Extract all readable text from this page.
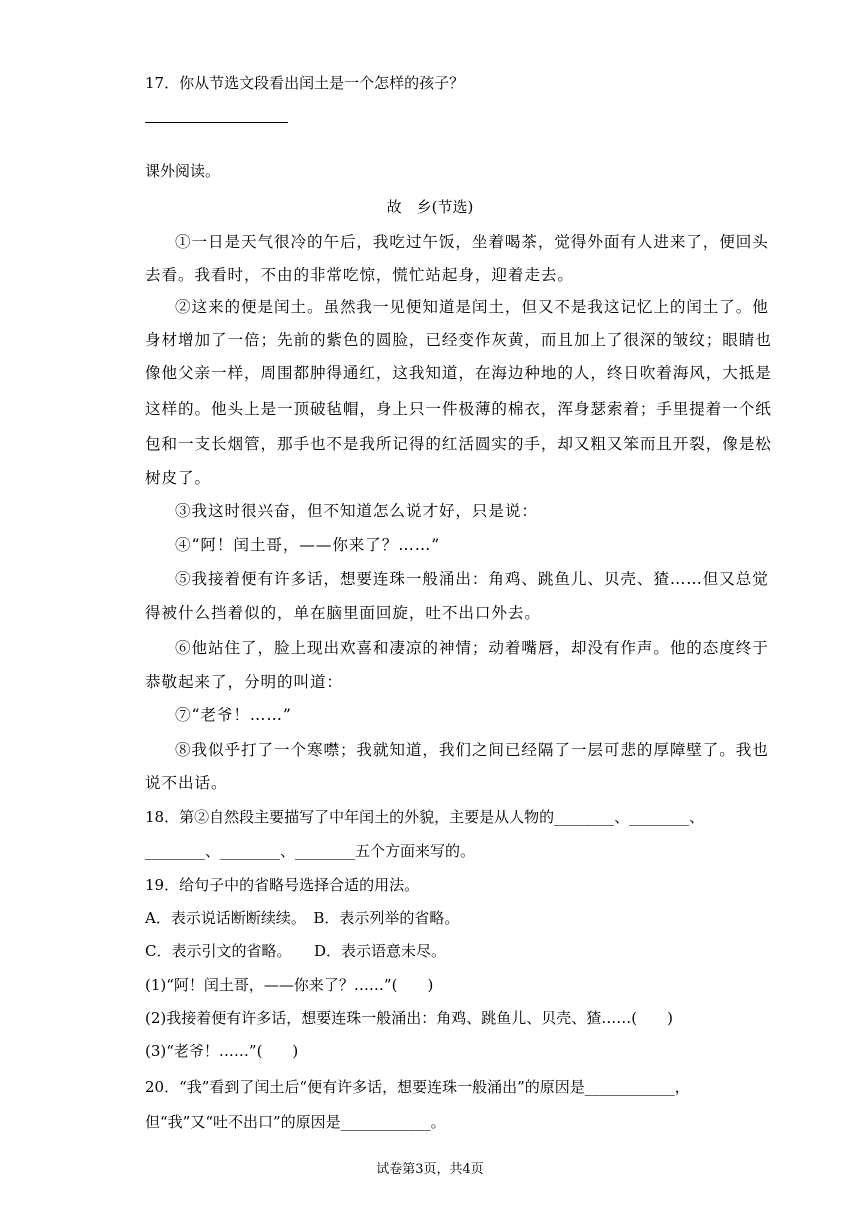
17．你从节选文段看出闰土是一个怎样的孩子？
课外阅读。
故　乡(节选)
①一日是天气很冷的午后，我吃过午饭，坐着喝茶，觉得外面有人进来了，便回头
去看。我看时，不由的非常吃惊，慌忙站起身，迎着走去。
②这来的便是闰土。虽然我一见便知道是闰土，但又不是我这记忆上的闰土了。他
身材增加了一倍；先前的紫色的圆脸，已经变作灰黄，而且加上了很深的皱纹；眼睛也
像他父亲一样，周围都肿得通红，这我知道，在海边种地的人，终日吹着海风，大抵是
这样的。他头上是一顶破毡帽，身上只一件极薄的棉衣，浑身瑟索着；手里提着一个纸
包和一支长烟管，那手也不是我所记得的红活圆实的手，却又粗又笨而且开裂，像是松
树皮了。
③我这时很兴奋，但不知道怎么说才好，只是说：
④“阿！闰土哥，——你来了？……”
⑤我接着便有许多话，想要连珠一般涌出：角鸡、跳鱼儿、贝壳、猹……但又总觉
得被什么挡着似的，单在脑里面回旋，吐不出口外去。
⑥他站住了，脸上现出欢喜和凄凉的神情；动着嘴唇，却没有作声。他的态度终于
恭敬起来了，分明的叫道：
⑦“老爷！……”
⑧我似乎打了一个寒噤；我就知道，我们之间已经隔了一层可悲的厚障壁了。我也
说不出话。
18．第②自然段主要描写了中年闰土的外貌，主要是从人物的________、________、
________、________、________五个方面来写的。
19．给句子中的省略号选择合适的用法。
A．表示说话断断续续。　B．表示列举的省略。
C．表示引文的省略。　　D．表示语意未尽。
(1)“阿！闰土哥，——你来了？……”(　　)
(2)我接着便有许多话，想要连珠一般涌出：角鸡、跳鱼儿、贝壳、猹……(　　)
(3)“老爷！……”(　　)
20．“我”看到了闰土后“便有许多话，想要连珠一般涌出”的原因是____________，
但“我”又“吐不出口”的原因是____________。
试卷第3页，共4页
